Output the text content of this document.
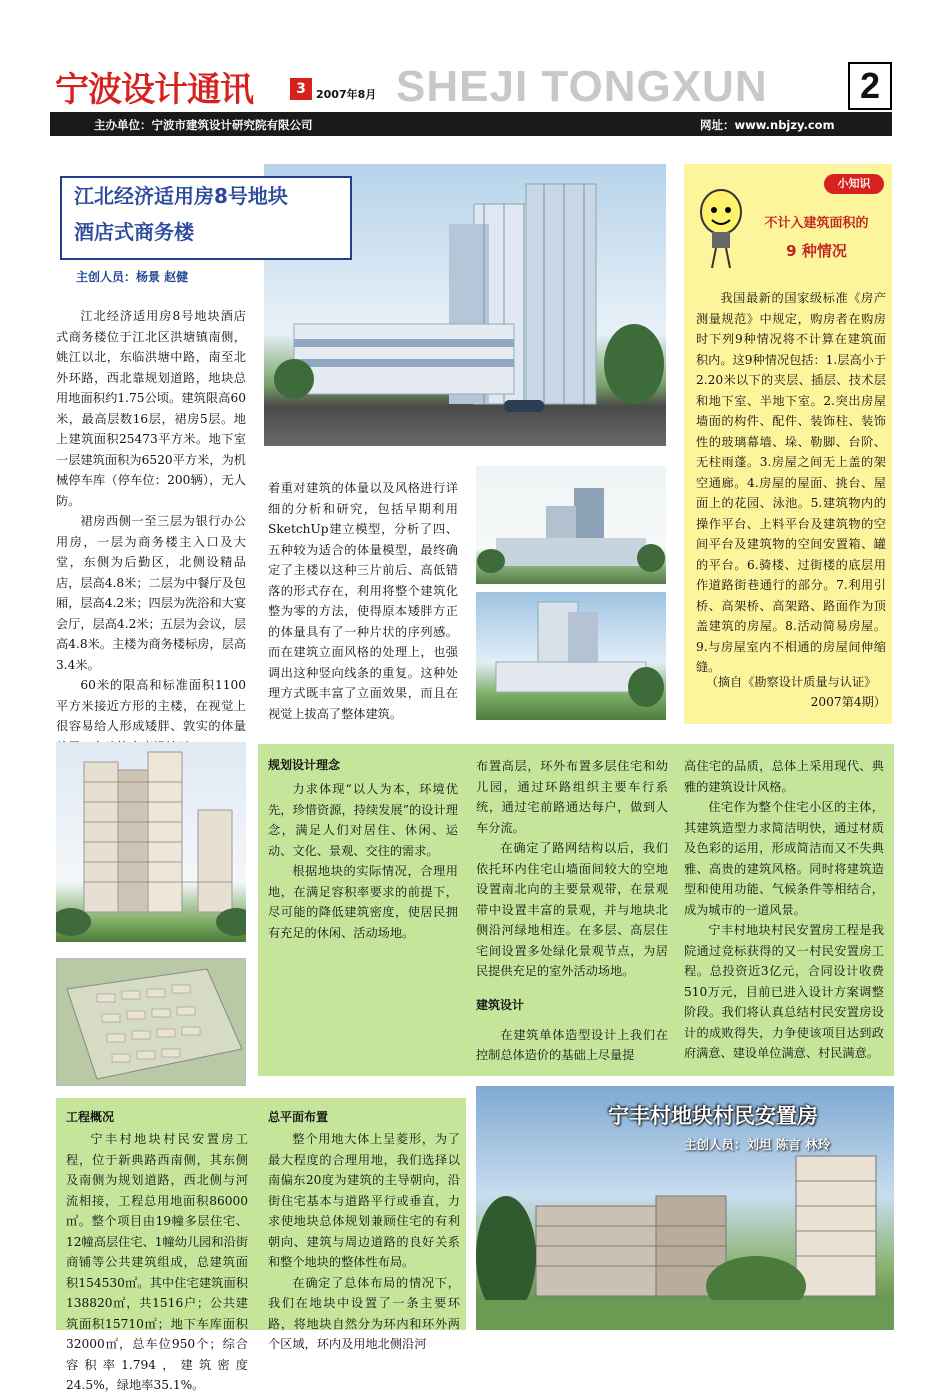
宁波设计通讯	3 2007年8月 SHEJI TONGXUN	2
主办单位：宁波市建筑设计研究院有限公司	网址：www.nbjzy.com
江北经济适用房8号地块
酒店式商务楼
主创人员：杨景 赵健

江北经济适用房8号地块酒店式商务楼位于江北区洪塘镇南侧，姚江以北，东临洪塘中路，南至北外环路，西北靠规划道路，地块总用地面积约1.75公顷。建筑限高60米，最高层数16层，裙房5层。地上建筑面积25473平方米。地下室一层建筑面积为6520平方米，为机械停车库（停车位：200辆），无人防。

裙房西侧一至三层为银行办公用房，一层为商务楼主入口及大堂，东侧为后勤区，北侧设精品店，层高4.8米；二层为中餐厅及包厢，层高4.2米；四层为洗浴和大宴会厅，层高4.2米；五层为会议，层高4.8米。主楼为商务楼标房，层高3.4米。

60米的限高和标准面积1100平方米接近方形的主楼，在视觉上很容易给人形成矮胖、敦实的体量

着重对建筑的体量以及风格进行详细的分析和研究，包括早期利用SketchUp建立模型，分析了四、五种较为适合的体量模型，最终确定了主楼以这种三片前后、高低错落的形式存在，利用将整个建筑化整为零的方法，使得原本矮胖方正的体量具有了一种片状的序列感。而在建筑立面风格的处理上，也强调出这种竖向线条的重复。这种处理方式既丰富了立面效果，而且在视觉上拔高了整体建筑。

小知识
不计入建筑面积的
9 种情况

我国最新的国家级标准《房产测量规范》中规定，购房者在购房时下列9种情况将不计算在建筑面积内。这9种情况包括：1.层高小于2.20米以下的夹层、插层、技术层和地下室、半地下室。2.突出房屋墙面的构件、配件、装饰柱、装饰性的玻璃幕墙、垛、勒脚、台阶、无柱雨蓬。3.房屋之间无上盖的架空通廊。4.房屋的屋面、挑台、屋面上的花园、泳池。5.建筑物内的操作平台、上料平台及建筑物的空间平台及建筑物的空间安置箱、罐的平台。6.骑楼、过街楼的底层用作道路街巷通行的部分。7.利用引桥、高架桥、高架路、路面作为顶盖建筑的房屋。8.活动简易房屋。9.与房屋室内不相通的房屋间伸缩缝。

（摘自《勘察设计质量与认证》
2007第4期）
规划设计理念

力求体现“以人为本，环境优先，珍惜资源，持续发展”的设计理念，满足人们对居住、休闲、运动、文化、景观、交往的需求。

根据地块的实际情况，合理用地，在满足容积率要求的前提下，尽可能的降低建筑密度，使居民拥有充足的休闲、活动场地。

布置高层，环外布置多层住宅和幼儿园，通过环路组织主要车行系统，通过宅前路通达每户，做到人车分流。

在确定了路网结构以后，我们依托环内住宅山墙面间较大的空地设置南北向的主要景观带，在景观带中设置丰富的景观，并与地块北侧沿河绿地相连。在多层、高层住宅间设置多处绿化景观节点，为居民提供充足的室外活动场地。

建筑设计

在建筑单体造型设计上我们在控制总体造价的基础上尽量提

高住宅的品质，总体上采用现代、典雅的建筑设计风格。

住宅作为整个住宅小区的主体，其建筑造型力求简洁明快，通过材质及色彩的运用，形成简洁而又不失典雅、高贵的建筑风格。同时将建筑造型和使用功能、气候条件等相结合，成为城市的一道风景。

宁丰村地块村民安置房工程是我院通过竞标获得的又一村民安置房工程。总投资近3亿元，合同设计收费510万元，目前已进入设计方案调整阶段。我们将认真总结村民安置房设计的成败得失，力争使该项目达到政府满意、建设单位满意、村民满意。

工程概况

宁丰村地块村民安置房工程，位于新典路西南侧，其东侧及南侧为规划道路，西北侧与河流相接，工程总用地面积86000㎡。整个项目由19幢多层住宅、12幢高层住宅、1幢幼儿园和沿街商铺等公共建筑组成，总建筑面积154530㎡。其中住宅建筑面积 138820㎡，共1516户；公共建筑面积15710㎡；地下车库面积 32000㎡，总车位950个；综合容积率1.794，建筑密度24.5%，绿地率35.1%。

总平面布置

整个用地大体上呈菱形，为了最大程度的合理用地，我们选择以南偏东20度为建筑的主导朝向，沿街住宅基本与道路平行或垂直，力求使地块总体规划兼顾住宅的有利朝向、建筑与周边道路的良好关系和整个地块的整体性布局。

在确定了总体布局的情况下，我们在地块中设置了一条主要环路，将地块自然分为环内和环外两个区域，环内及用地北侧沿河

宁丰村地块村民安置房
主创人员：刘坦 陈言 林玲
